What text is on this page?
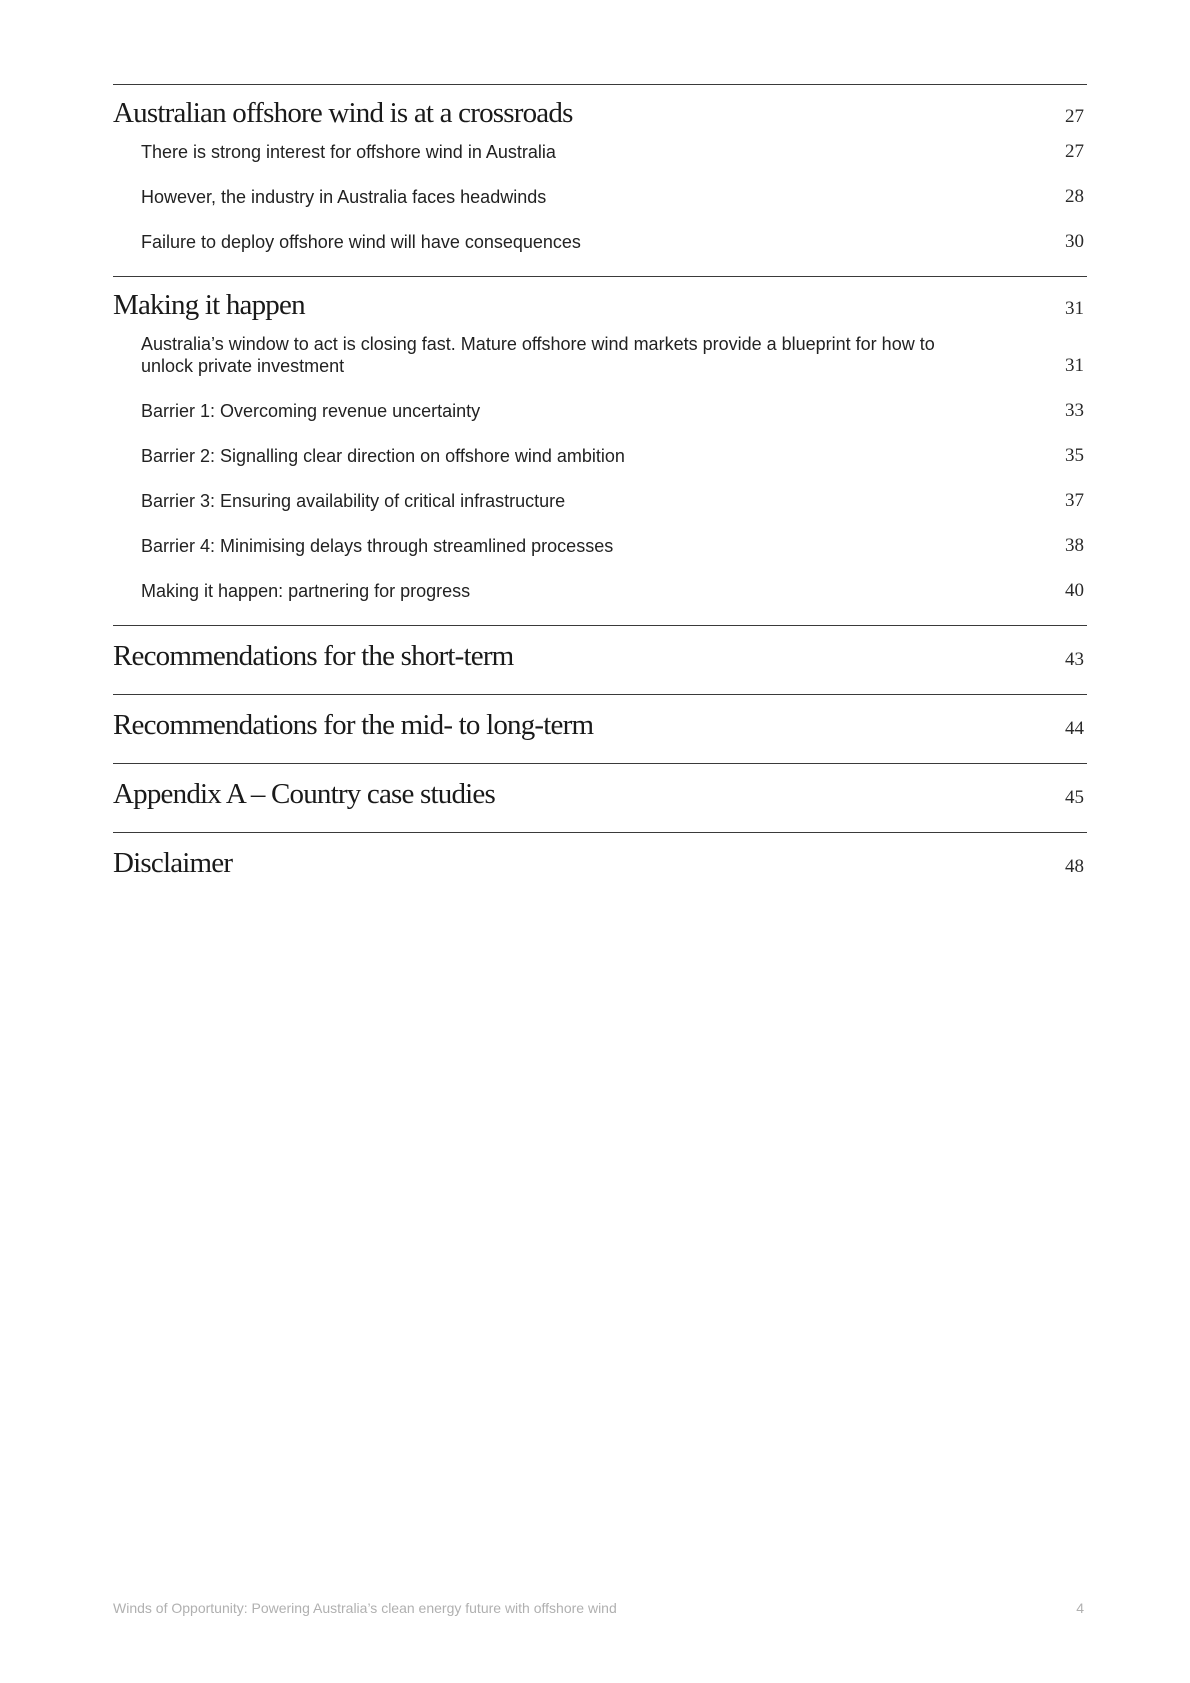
Australian offshore wind is at a crossroads	27
There is strong interest for offshore wind in Australia	27
However, the industry in Australia faces headwinds	28
Failure to deploy offshore wind will have consequences	30
Making it happen	31
Australia’s window to act is closing fast. Mature offshore wind markets provide a blueprint for how to unlock private investment	31
Barrier 1: Overcoming revenue uncertainty	33
Barrier 2: Signalling clear direction on offshore wind ambition	35
Barrier 3: Ensuring availability of critical infrastructure	37
Barrier 4: Minimising delays through streamlined processes	38
Making it happen: partnering for progress	40
Recommendations for the short-term	43
Recommendations for the mid- to long-term	44
Appendix A – Country case studies	45
Disclaimer	48
Winds of Opportunity: Powering Australia’s clean energy future with offshore wind	4
